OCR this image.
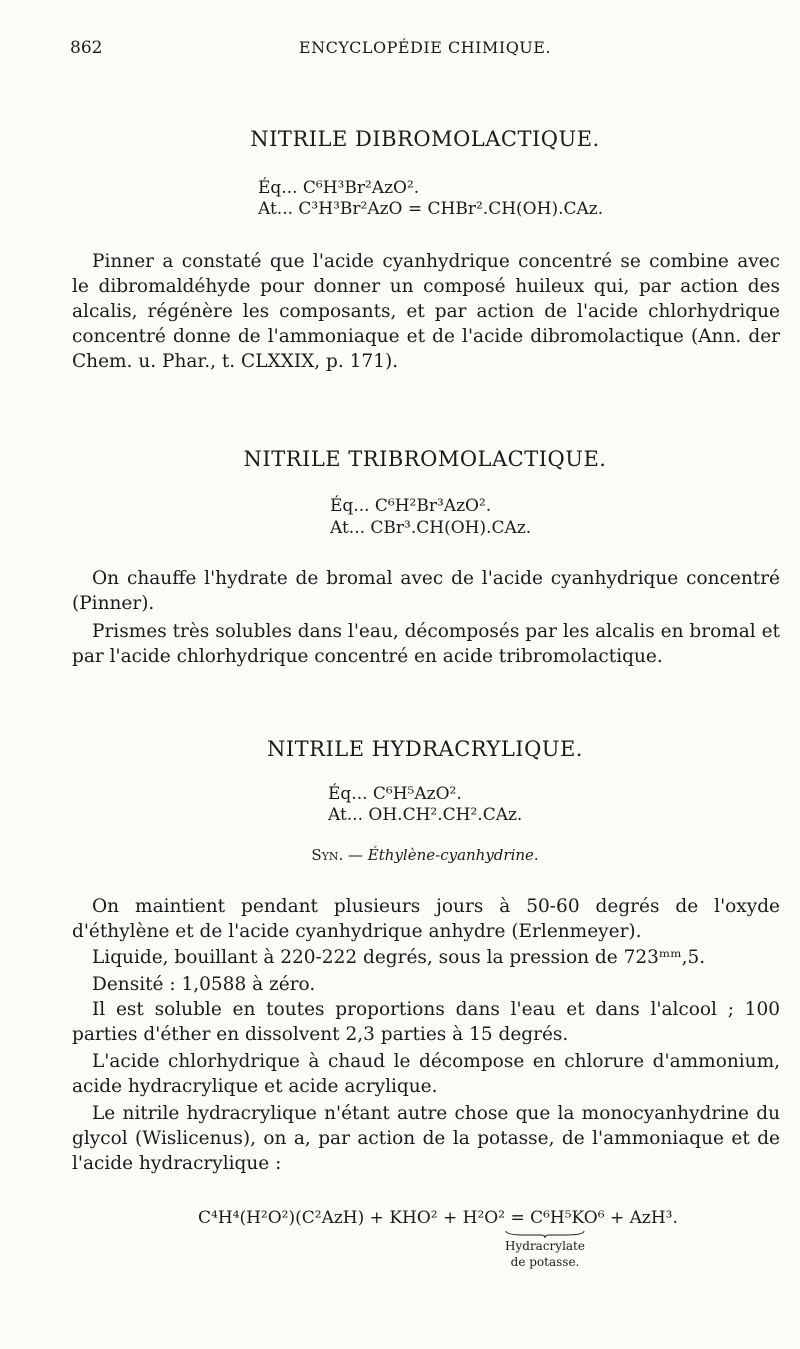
862	ENCYCLOPÉDIE CHIMIQUE.
NITRILE DIBROMOLACTIQUE.
Éq... C⁶H³Br²AzO².
At... C³H³Br²AzO = CHBr².CH(OH).CAz.

Pinner a constaté que l'acide cyanhydrique concentré se combine avec le dibromaldéhyde pour donner un composé huileux qui, par action des alcalis, régénère les composants, et par action de l'acide chlorhydrique concentré donne de l'ammoniaque et de l'acide dibromolactique (Ann. der Chem. u. Phar., t. CLXXIX, p. 171).

NITRILE TRIBROMOLACTIQUE.
Éq... C⁶H²Br³AzO².
At... CBr³.CH(OH).CAz.

On chauffe l'hydrate de bromal avec de l'acide cyanhydrique concentré (Pinner).

Prismes très solubles dans l'eau, décomposés par les alcalis en bromal et par l'acide chlorhydrique concentré en acide tribromolactique.

NITRILE HYDRACRYLIQUE.
Éq... C⁶H⁵AzO².
At... OH.CH².CH².CAz.
Syn. — Éthylène-cyanhydrine.

On maintient pendant plusieurs jours à 50-60 degrés de l'oxyde d'éthylène et de l'acide cyanhydrique anhydre (Erlenmeyer).

Liquide, bouillant à 220-222 degrés, sous la pression de 723ᵐᵐ,5.

Densité : 1,0588 à zéro.

Il est soluble en toutes proportions dans l'eau et dans l'alcool ; 100 parties d'éther en dissolvent 2,3 parties à 15 degrés.

L'acide chlorhydrique à chaud le décompose en chlorure d'ammonium, acide hydracrylique et acide acrylique.

Le nitrile hydracrylique n'étant autre chose que la monocyanhydrine du glycol (Wislicenus), on a, par action de la potasse, de l'ammoniaque et de l'acide hydracrylique :

C⁴H⁴(H²O²)(C²AzH) + KHO² + H²O² = C⁶H⁵KO⁶ + AzH³.
Hydracrylate
de potasse.
